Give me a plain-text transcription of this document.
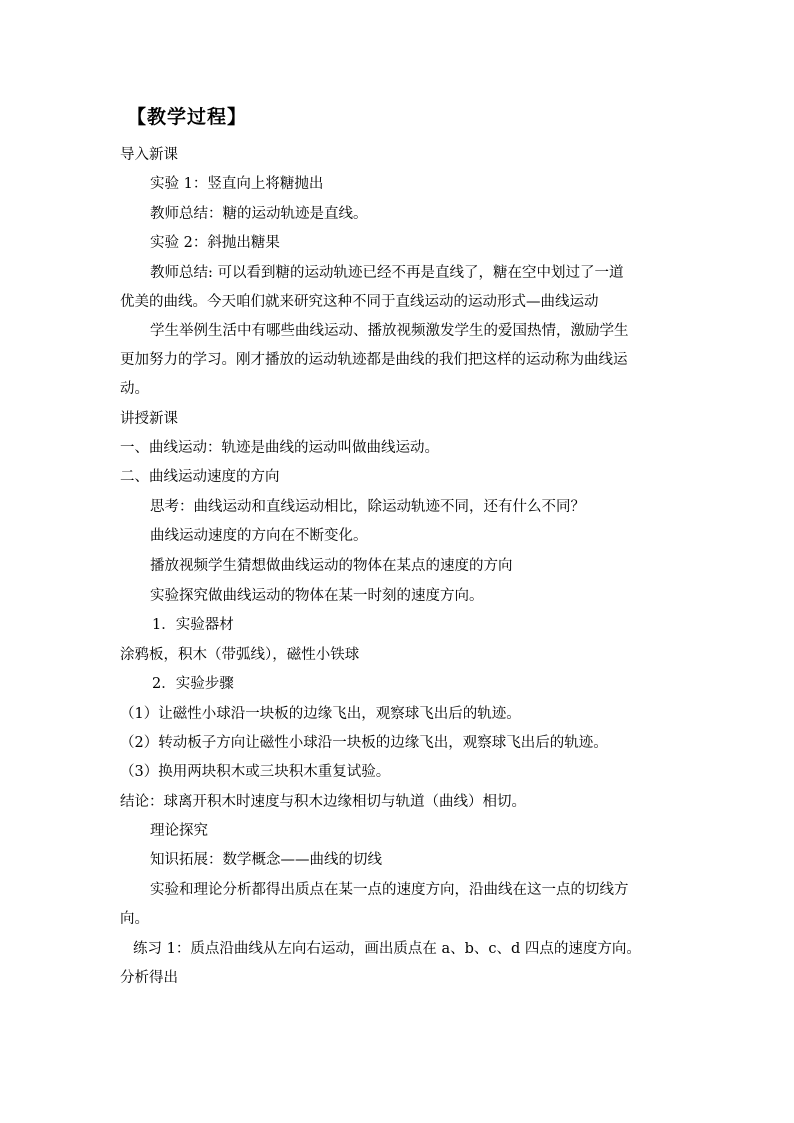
【教学过程】
导入新课
实验 1：竖直向上将糖抛出
教师总结：糖的运动轨迹是直线。
实验 2：斜抛出糖果
教师总结: 可以看到糖的运动轨迹已经不再是直线了，糖在空中划过了一道
优美的曲线。今天咱们就来研究这种不同于直线运动的运动形式—曲线运动
学生举例生活中有哪些曲线运动、播放视频激发学生的爱国热情，激励学生
更加努力的学习。刚才播放的运动轨迹都是曲线的我们把这样的运动称为曲线运
动。
讲授新课
一、曲线运动：轨迹是曲线的运动叫做曲线运动。
二、曲线运动速度的方向
思考：曲线运动和直线运动相比，除运动轨迹不同，还有什么不同？
曲线运动速度的方向在不断变化。
播放视频学生猜想做曲线运动的物体在某点的速度的方向
实验探究做曲线运动的物体在某一时刻的速度方向。
1．实验器材
涂鸦板，积木（带弧线），磁性小铁球
2．实验步骤
（1）让磁性小球沿一块板的边缘飞出，观察球飞出后的轨迹。
（2）转动板子方向让磁性小球沿一块板的边缘飞出，观察球飞出后的轨迹。
（3）换用两块积木或三块积木重复试验。
结论：球离开积木时速度与积木边缘相切与轨道（曲线）相切。
理论探究
知识拓展：数学概念——曲线的切线
实验和理论分析都得出质点在某一点的速度方向，沿曲线在这一点的切线方
向。
练习 1：质点沿曲线从左向右运动，画出质点在 a、b、c、d 四点的速度方向。
分析得出
